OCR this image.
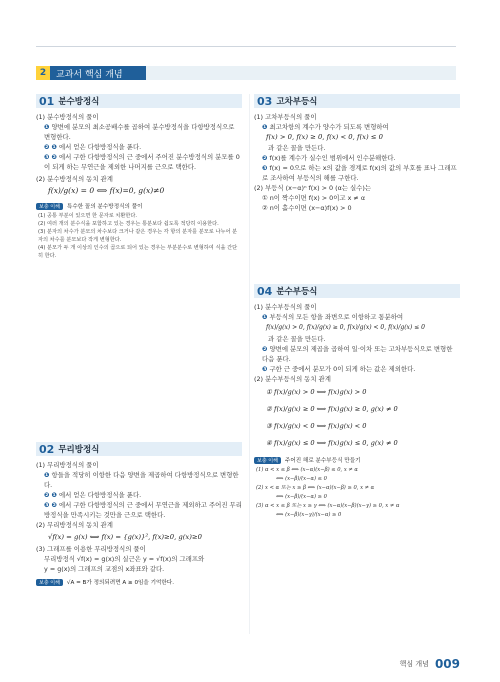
2	교과서 핵심 개념
01 분수방정식
(1) 분수방정식의 풀이
❶ 양변에 분모의 최소공배수를 곱하여 분수방정식을 다항방정식으로 변형한다.
❷ ❶ 에서 얻은 다항방정식을 푼다.
❸ ❷ 에서 구한 다항방정식의 근 중에서 주어진 분수방정식의 분모를 0이 되게 하는 무연근을 제외한 나머지를 근으로 택한다.
(2) 분수방정식의 동치 관계
f(x)/g(x) = 0 ⟺ f(x)=0, g(x)≠0
보충 이해	특수한 꼴의 분수방정식의 풀이
(1) 공통 부분이 있으면 한 문자로 치환한다.
(2) 여러 개의 분수식을 포함하고 있는 경우는 통분보다 쉽도록 적당히 이용한다.
(3) 분자의 차수가 분모의 차수보다 크거나 같은 경우는 각 항의 분자를 분모로 나누어 분자의 차수를 분모보다 작게 변형한다.
(4) 분모가 두 개 이상의 인수의 곱으로 되어 있는 경우는 부분분수로 변형하여 식을 간단히 한다.
02 무리방정식
(1) 무리방정식의 풀이
❶ 항들을 적당히 이항한 다음 양변을 제곱하여 다항방정식으로 변형한다.
❷ ❶ 에서 얻은 다항방정식을 푼다.
❸ ❷ 에서 구한 다항방정식의 근 중에서 무연근을 제외하고 주어진 무리방정식을 만족시키는 것만을 근으로 택한다.
(2) 무리방정식의 동치 관계
√f(x) = g(x) ⟺ f(x) = {g(x)}², f(x)≥0, g(x)≥0
(3) 그래프를 이용한 무리방정식의 풀이
무리방정식 √f(x) = g(x)의 실근은 y = √f(x)의 그래프와
y = g(x)의 그래프의 교점의 x좌표와 같다.
보충 이해	√A = B가 정의되려면 A ≥ 0임을 기억한다.
03 고차부등식
(1) 고차부등식의 풀이
❶ 최고차항의 계수가 양수가 되도록 변형하여
f(x) > 0, f(x) ≥ 0, f(x) < 0, f(x) ≤ 0
과 같은 꼴을 만든다.
❷ f(x)를 계수가 실수인 범위에서 인수분해한다.
❸ f(x) = 0으로 하는 x의 값을 경계로 f(x)의 값의 부호를 표나 그래프로 조사하여 부등식의 해를 구한다.
(2) 부등식 (x−α)ⁿ f(x) > 0 (α는 실수)는
① n이 짝수이면 f(x) > 0이고 x ≠ α
② n이 홀수이면 (x−α)f(x) > 0
04 분수부등식
(1) 분수부등식의 풀이
❶ 부등식의 모든 항을 좌변으로 이항하고 통분하여
f(x)/g(x) > 0, f(x)/g(x) ≥ 0, f(x)/g(x) < 0, f(x)/g(x) ≤ 0
과 같은 꼴을 만든다.
❷ 양변에 분모의 제곱을 곱하여 일·이차 또는 고차부등식으로 변형한 다음 푼다.
❸ 구한 근 중에서 분모가 0이 되게 하는 값은 제외한다.
(2) 분수부등식의 동치 관계
① f(x)/g(x) > 0 ⟺ f(x)g(x) > 0
② f(x)/g(x) ≥ 0 ⟺ f(x)g(x) ≥ 0, g(x) ≠ 0
③ f(x)/g(x) < 0 ⟺ f(x)g(x) < 0
④ f(x)/g(x) ≤ 0 ⟺ f(x)g(x) ≤ 0, g(x) ≠ 0
보충 이해	주어진 해로 분수부등식 만들기
(1) α < x ≤ β ⟺ (x−α)(x−β) ≤ 0, x ≠ α
⟺ (x−β)/(x−α) ≤ 0
(2) x < α 또는 x ≥ β ⟺ (x−α)(x−β) ≥ 0, x ≠ α
⟺ (x−β)/(x−α) ≥ 0
(3) α < x ≤ β 또는 x ≥ γ ⟺ (x−α)(x−β)(x−γ) ≥ 0, x ≠ α
⟺ (x−β)(x−γ)/(x−α) ≥ 0
핵심 개념 009
